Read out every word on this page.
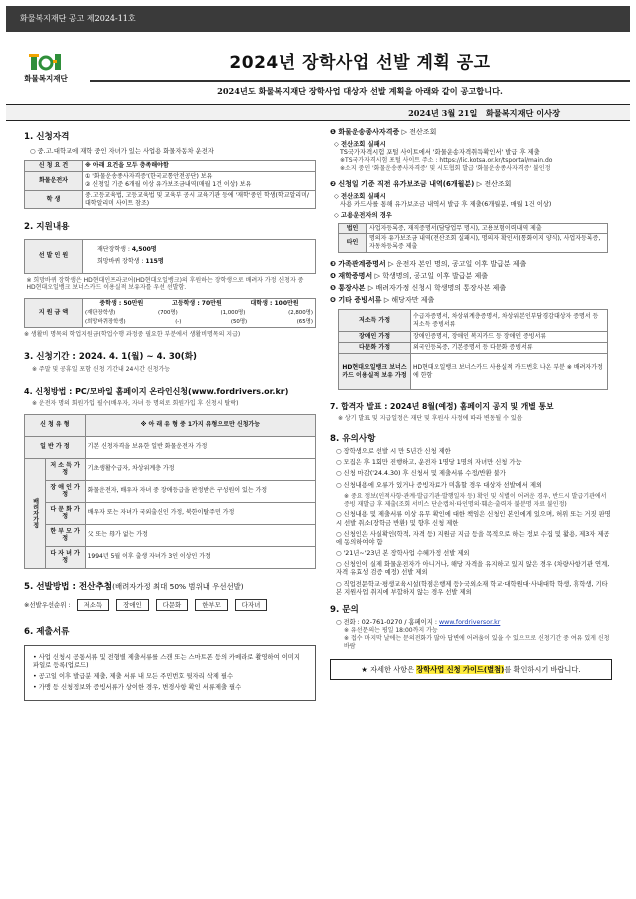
화물복지재단 공고 제2024-11호
화물복지재단
2024년 장학사업 선발 계획 공고
2024년도 화물복지재단 장학사업 대상자 선발 계획을 아래와 같이 공고합니다.
2024년 3월 21일 화물복지재단 이사장
1. 신청자격
○ 중․고․대학교에 재학 중인 자녀가 있는 사업용 화물자동차 운전자
신 청 요 건	※ 아래 요건을 모두 충족해야함
화물운전자	① '화물운송종사자격증'(한국교통안전공단) 보유
② 신청일 기준 6개월 이상 유가보조금내역(매월 1건 이상) 보유

학 생	중․고등교육법, 고등교육법 및 교육부 공시 교육기관 등에 '재학'중인 학생(학교알리미/대학알리미 사이트 참조)
2. 지원내용
선 발 인 원	
재단장학생 : 4,500명
희망바퀴 장학생 : 115명

※ 희망바퀴 장학생은 HD현대인프라코어(HD현대오일뱅크)의 후원하는 장학생으로 배려자 가정 신청자 중 HD현대오일뱅크 보너스카드 이용실적 보유자를 우선 선발함.
지 원 금 액	
중학생 : 50만원	고등학생 : 70만원	대학생 : 100만원
(재단장학생)	(700명)	(1,000명)	(2,800명)
(희망바퀴장학생)	(-)	(50명)	(65명)
※ 생활비 명목의 학업지원금(학업수행 과정중 필요한 부분에서 생활비명목의 지급)
3. 신청기간 : 2024. 4. 1(월) ~ 4. 30(화)
※ 주말 및 공휴일 포함 신청 기간내 24시간 신청가능
4. 신청방법 : PC/모바일 홈페이지 온라인신청(www.fordrivers.or.kr)
※ 운전자 명의 회원가입 필수(배우자, 자녀 등 명의로 회원가입 후 신청시 탈락)
신 청 유 형		※ 아 래 유 형 중 1가지 유형으로만 신청가능
일 반 가 정		기본 신청자격을 보유한 일반 화물운전자 가정
배려자가정	저 소 득 가 정	기초생활수급자, 차상위계층 가정
	장 애 인 가 정	화물운전자, 배우자 자녀 중 장애등급을 판정받은 구성원이 있는 가정
	다 문 화 가 정	배우자 또는 자녀가 국외출신인 가정, 북한이탈주민 가정
	한 부 모 가 정	父 또는 母가 없는 가정
	다 자 녀 가 정	1994년 5월 이후 출생 자녀가 3인 이상인 가정
5. 선발방법 : 전산추첨(배려자가정 최대 50% 범위내 우선선발)
※선발우선순위 : 저소득	장애인	다문화	한부모	다자녀
6. 제출서류
• 사업 신청시 공통서류 및 전형별 제출서류를 스캔 또는 스마트폰 등의 카메라로 촬영하여 이미지 파일로 등록(업로드)
• 공고일 이후 발급분 제출, 제출 서류 내 모든 주민번호 뒷자리 삭제 필수
• 가맹 등 신청정보와 증빙서류가 상이한 경우, 변경사항 확인 서류제출 필수
❶ 화물운송종사자격증 ▷ 전산조회
◇ 전산조회 실패시
TS국가자격시험 포털 사이트에서 '화물운송자격취득확인서' 발급 후 제출
※TS국가자격시험 포털 사이트 주소 : https://lic.kotsa.or.kr/tsportal/main.do
※소지 중인 '화물운송종사자격증' 및 시도협회 발급 '화물운송종사자격증' 불인정
❷ 신청일 기준 직전 유가보조금 내역(6개월분) ▷ 전산조회
◇ 전산조회 실패시
사용 카드사를 통해 유가보조금 내역서 발급 후 제출(6개월분, 매월 1건 이상)
◇ 고용운전자의 경우
법인	사업자등록증, 재직증명서(담당업무 명시), 고용보험이력내역 제출
타인	명의자 유가보조금 내역(전산조회 실패시), 명의자 확인서(통화이지 양식), 사업자등록증, 자동차등록증 제출
❸ 가족관계증명서 ▷ 운전자 본인 명의, 공고일 이후 발급분 제출
❹ 재학증명서 ▷ 학생명의, 공고일 이후 발급분 제출
❺ 통장사본 ▷ 배려자가정 신청시 학생명의 통장사본 제출
❻ 기타 증빙서류 ▷ 해당자만 제출
저소득 가정	수급자증명서, 차상위계층증명서, 차상위본인부담경감대상자 증명서 등 저소득 증빙서류
장애인 가정	장애인증명서, 장애인 복지카드 등 장애인 증빙서류
다문화 가정	외국인등록증, 기본증명서 등 다문화 증빙서류
HD현대오일뱅크 보너스카드 이용실적 보유 가정	HD현대오일뱅크 보너스카드 사용실적 카드번호 나온 부분 ※ 배려자가정에 한함
7. 합격자 발표 : 2024년 8월(예정) 홈페이지 공지 및 개별 통보
※ 상기 발표 및 지급일정은 재단 및 후원사 사정에 따라 변동될 수 있음
8. 유의사항
○ 장학생으로 선발 시 만 5년간 신청 제한
○ 모집은 후 1회만 진행하고, 운전자 1명당 1명의 자녀만 신청 가능
○ 신청 마감('24.4.30) 후 신청서 및 제출서류 수정/반환 불가
○ 신청내용에 오류가 있거나 증빙자료가 미흡할 경우 대상자 선발에서 제외
※ 중요 정보(인적사항·관계·발급기관·발행일자 등) 확인 및 식별이 어려운 경우, 반드시 발급기관에서 증빙 재발급 후 제출(조회 서비스 단순캡처·타인명의·훼손·출력자 불분명 자료 불인정)
○ 신청내용 및 제출서류 이상 유무 확인에 대한 책임은 신청인 본인에게 있으며, 허위 또는 거짓 판명시 선발 취소(장학금 반환) 및 향후 신청 제한
○ 신청인은 사실확인(학적, 자격 등) 지원금 지급 등을 목적으로 하는 정보 수집 및 활용, 제3자 제공에 동의하여야 함
○ '21년~'23년 본 장학사업 수혜가정 선발 제외
○ 신청인이 실제 화물운전자가 아니거나, 해당 자격을 유지하고 있지 않은 경우 (차량사항기관 연계, 자격 유효성 검증 예정) 선발 제외
○ 직업전문학교·평생교육시설(학점은행제 등)·국외소재 학교·대학원대·사내대학 학생, 휴학생, 기타 본 지원사업 취지에 부합하지 않는 경우 선발 제외
9. 문의
○ 전화 : 02-761-0270 / 홈페이지 : www.fordriversor.kr
※ 유선문의는 평일 18:00까지 가능
※ 접수 마지막 날에는 문의전화가 많아 답변에 어려움이 있을 수 있으므로 신청기간 중 여유 있게 신청바람
★ 자세한 사항은 장학사업 신청 가이드(별첨)를 확인하시기 바랍니다.
